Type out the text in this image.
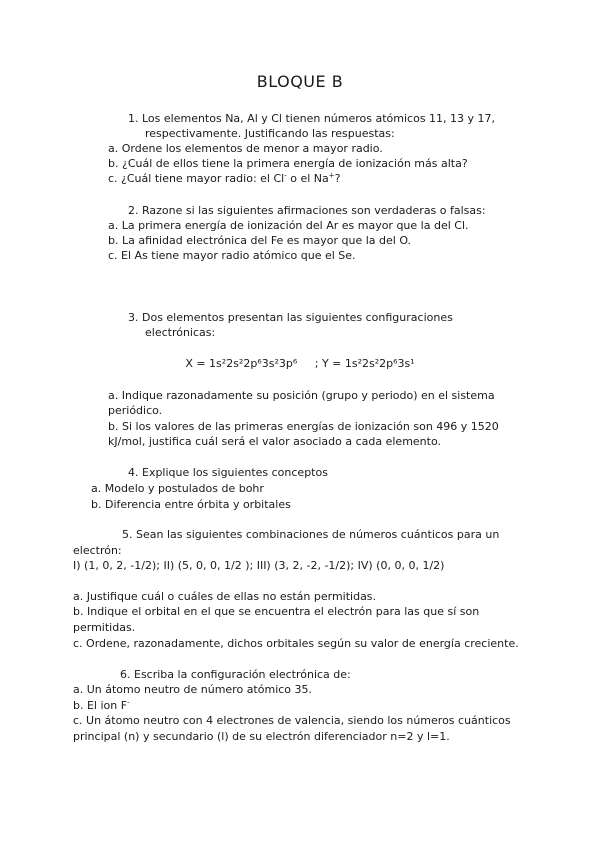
BLOQUE B
1. Los elementos Na, Al y Cl tienen números atómicos 11, 13 y 17,
respectivamente. Justificando las respuestas:
a. Ordene los elementos de menor a mayor radio.
b. ¿Cuál de ellos tiene la primera energía de ionización más alta?
c. ¿Cuál tiene mayor radio: el Cl- o el Na+?
2. Razone si las siguientes afirmaciones son verdaderas o falsas:
a. La primera energía de ionización del Ar es mayor que la del Cl.
b. La afinidad electrónica del Fe es mayor que la del O.
c. El As tiene mayor radio atómico que el Se.
3. Dos elementos presentan las siguientes configuraciones
electrónicas:
X = 1s²2s²2p⁶3s²3p⁶     ; Y = 1s²2s²2p⁶3s¹
a. Indique razonadamente su posición (grupo y periodo) en el sistema
periódico.
b. Si los valores de las primeras energías de ionización son 496 y 1520
kJ/mol, justifica cuál será el valor asociado a cada elemento.
4. Explique los siguientes conceptos
a. Modelo y postulados de bohr
b. Diferencia entre órbita y orbitales
5. Sean las siguientes combinaciones de números cuánticos para un
electrón:
I) (1, 0, 2, -1/2); II) (5, 0, 0, 1/2 ); III) (3, 2, -2, -1/2); IV) (0, 0, 0, 1/2)
a. Justifique cuál o cuáles de ellas no están permitidas.
b. Indique el orbital en el que se encuentra el electrón para las que sí son
permitidas.
c. Ordene, razonadamente, dichos orbitales según su valor de energía creciente.
6. Escriba la configuración electrónica de:
a. Un átomo neutro de número atómico 35.
b. El ion F-
c. Un átomo neutro con 4 electrones de valencia, siendo los números cuánticos
principal (n) y secundario (l) de su electrón diferenciador n=2 y l=1.
